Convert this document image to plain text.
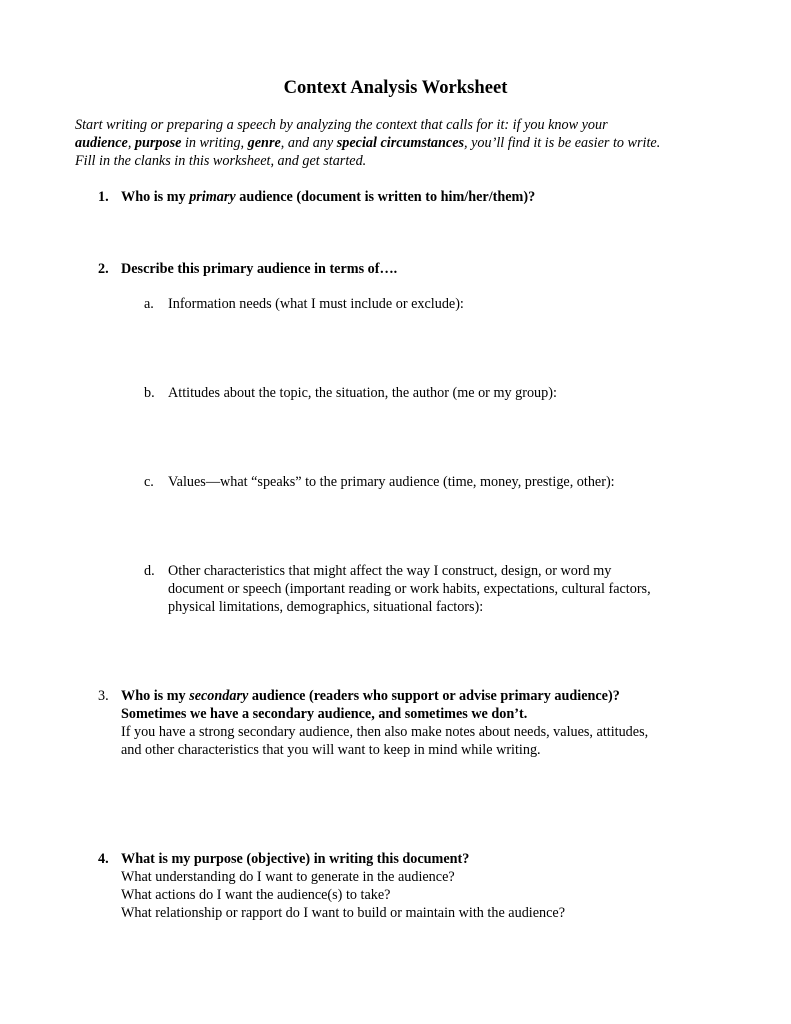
Context Analysis Worksheet
Start writing or preparing a speech by analyzing the context that calls for it: if you know your
audience, purpose in writing, genre, and any special circumstances, you’ll find it is be easier to write.
Fill in the clanks in this worksheet, and get started.
1. Who is my primary audience (document is written to him/her/them)?
2. Describe this primary audience in terms of….
a. Information needs (what I must include or exclude):
b. Attitudes about the topic, the situation, the author (me or my group):
c. Values—what “speaks” to the primary audience (time, money, prestige, other):
d. Other characteristics that might affect the way I construct, design, or word my
document or speech (important reading or work habits, expectations, cultural factors,
physical limitations, demographics, situational factors):
3. Who is my secondary audience (readers who support or advise primary audience)?
Sometimes we have a secondary audience, and sometimes we don’t.
If you have a strong secondary audience, then also make notes about needs, values, attitudes,
and other characteristics that you will want to keep in mind while writing.
4. What is my purpose (objective) in writing this document?
What understanding do I want to generate in the audience?
What actions do I want the audience(s) to take?
What relationship or rapport do I want to build or maintain with the audience?
